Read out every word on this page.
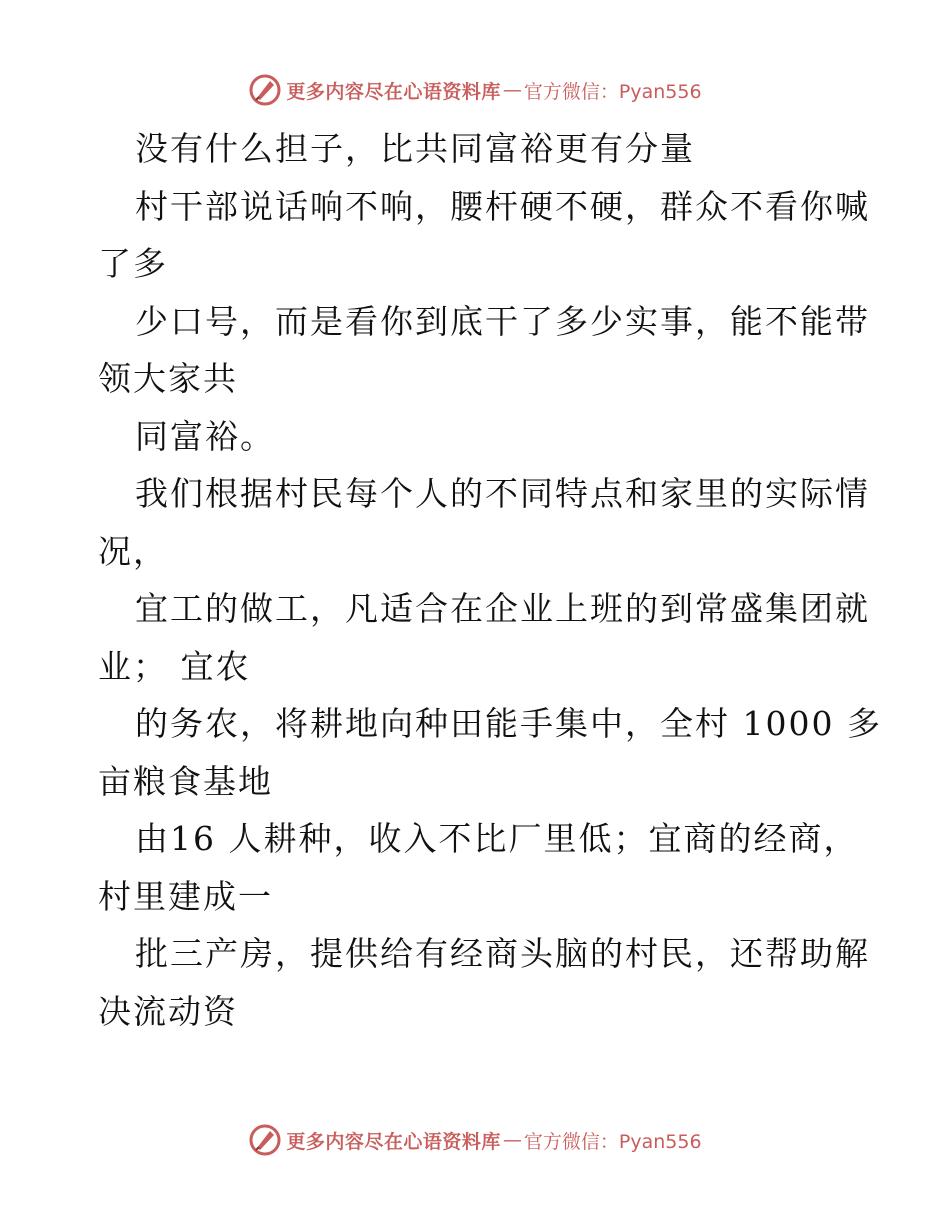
更多内容尽在心语资料库 — 官方微信：Pyan556
没有什么担子，比共同富裕更有分量
村干部说话响不响，腰杆硬不硬，群众不看你喊
了多
少口号，而是看你到底干了多少实事，能不能带
领大家共
同富裕。
我们根据村民每个人的不同特点和家里的实际情
况，
宜工的做工，凡适合在企业上班的到常盛集团就
业； 宜农
的务农，将耕地向种田能手集中，全村 1000 多
亩粮食基地
由16 人耕种，收入不比厂里低；宜商的经商，
村里建成一
批三产房，提供给有经商头脑的村民，还帮助解
决流动资
更多内容尽在心语资料库 — 官方微信：Pyan556
